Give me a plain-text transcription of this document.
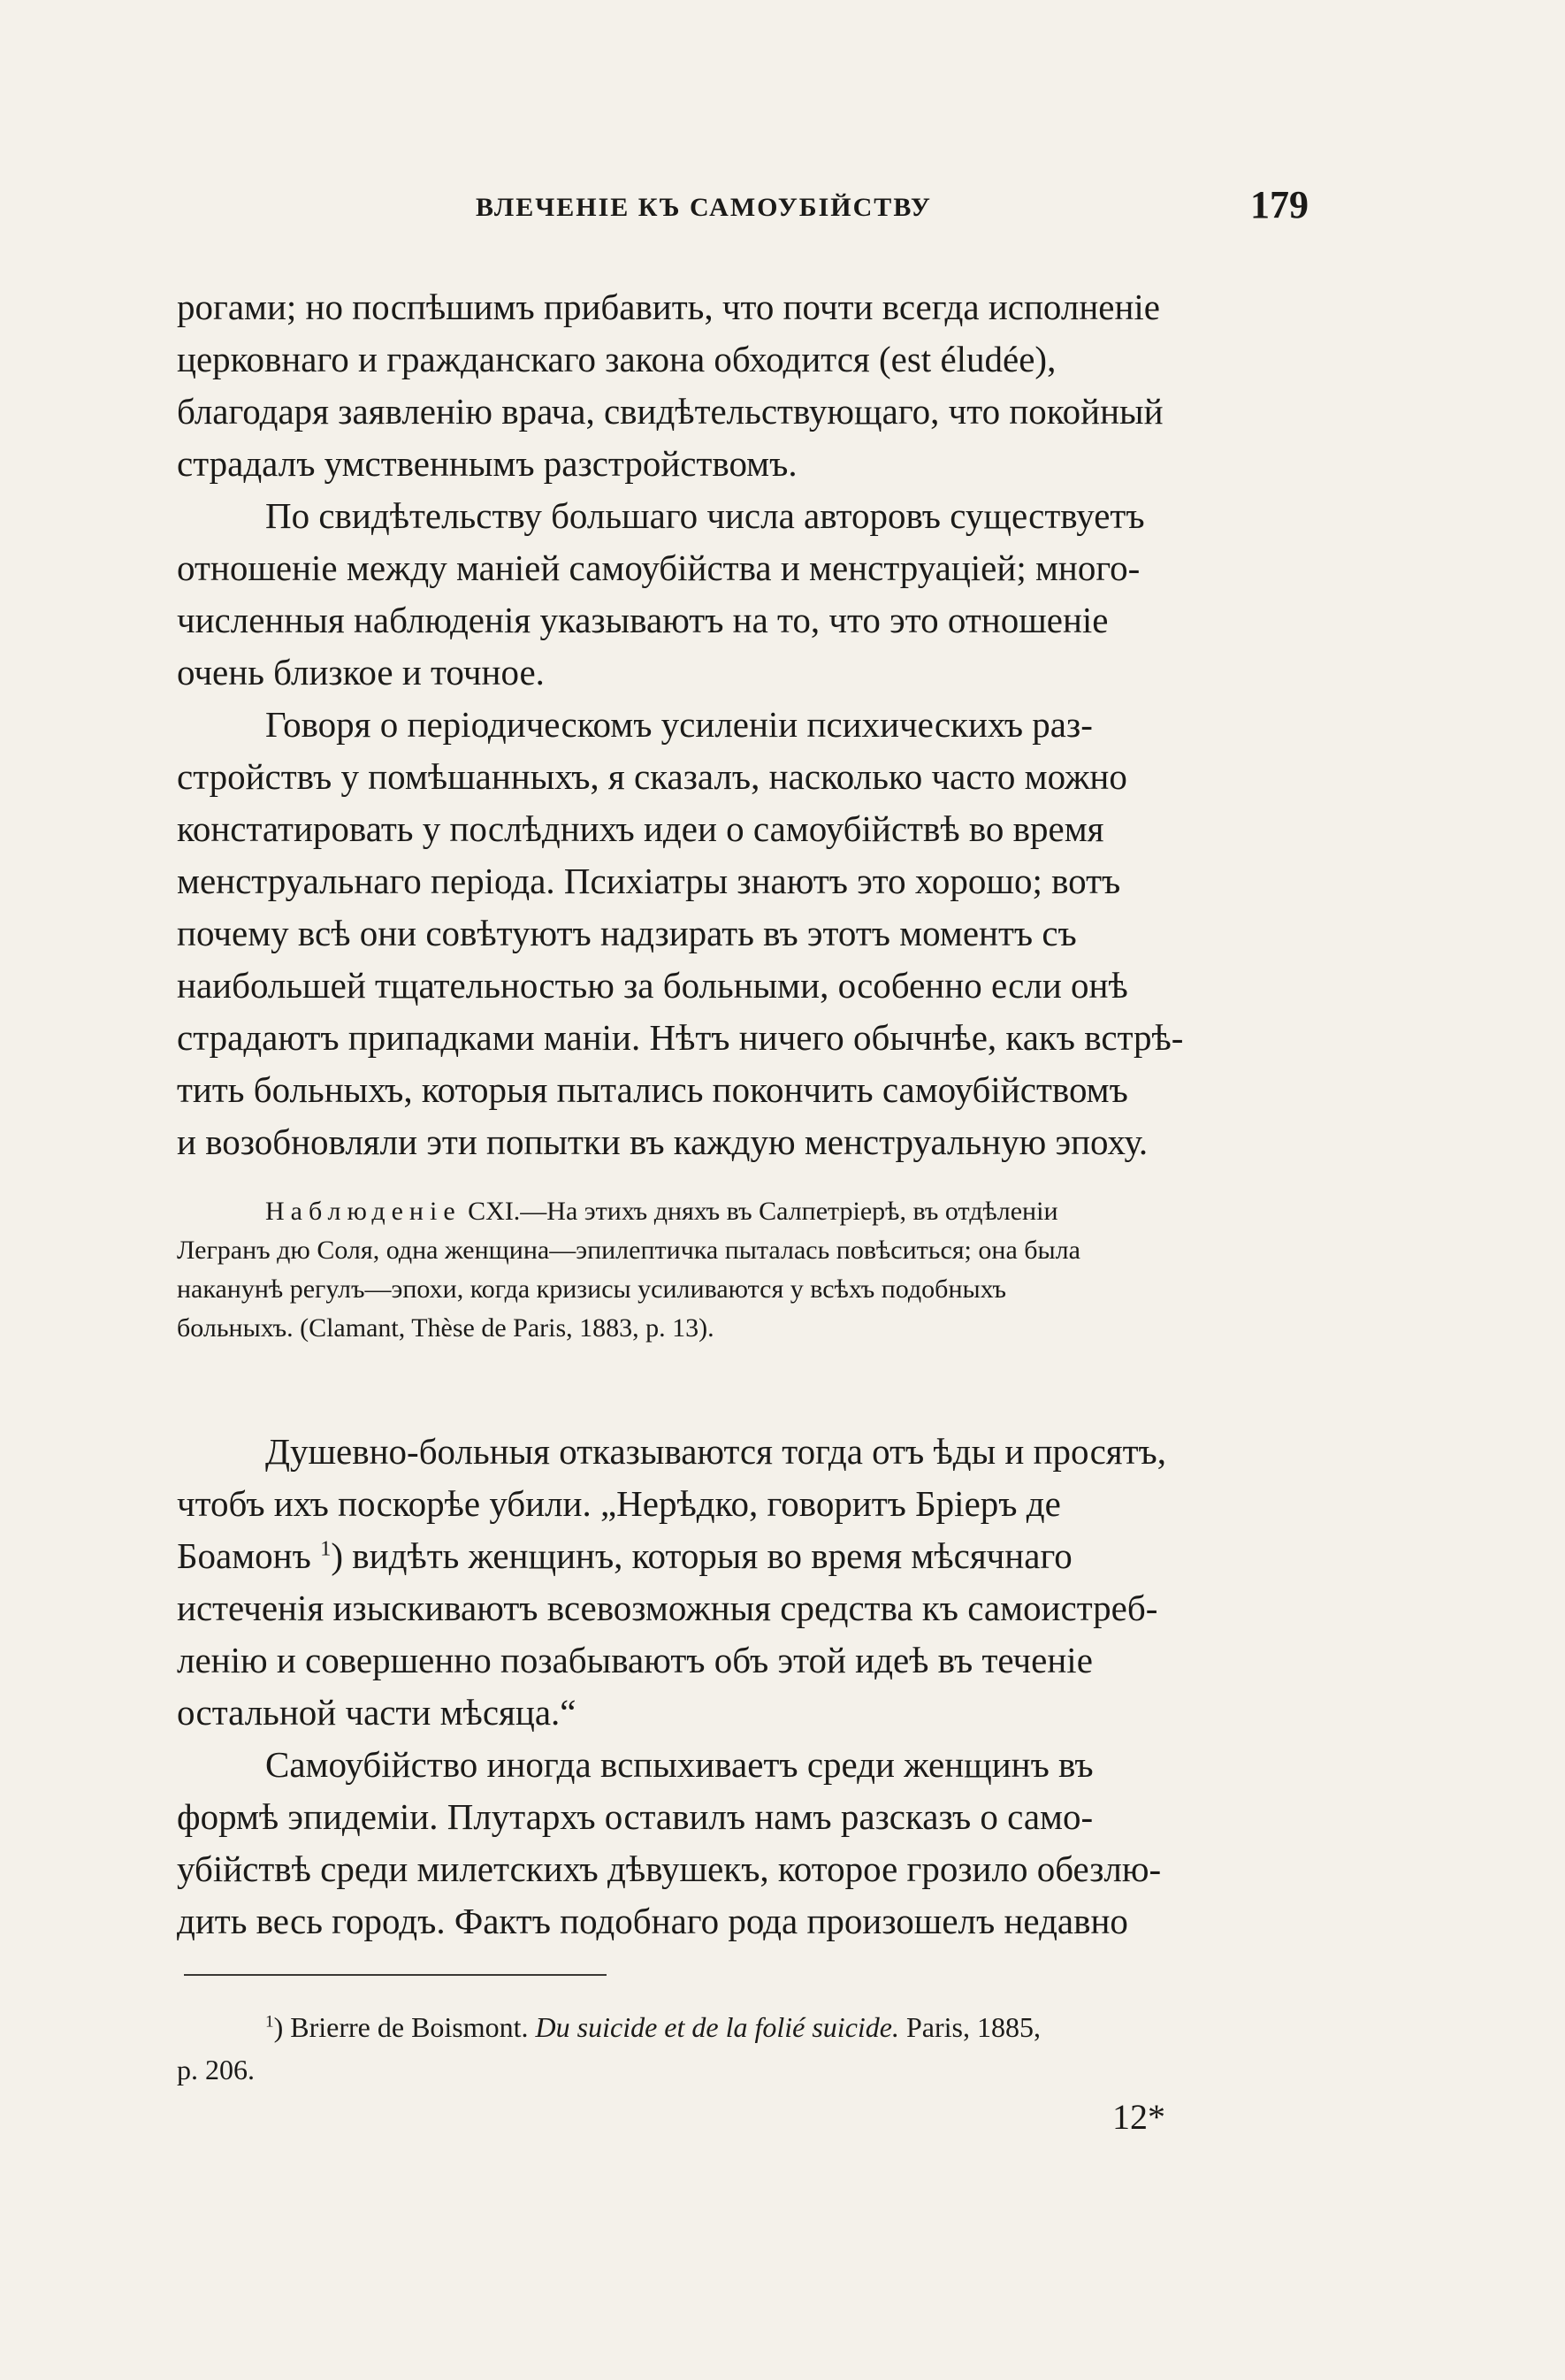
ВЛЕЧЕНІЕ КЪ САМОУБІЙСТВУ	179
рогами; но поспѣшимъ прибавить, что почти всегда исполненіе
церковнаго и гражданскаго закона обходится (est éludée),
благодаря заявленію врача, свидѣтельствующаго, что покойный
страдалъ умственнымъ разстройствомъ.
По свидѣтельству большаго числа авторовъ существуетъ
отношеніе между маніей самоубійства и менструаціей; много-
численныя наблюденія указываютъ на то, что это отношеніе
очень близкое и точное.
Говоря о періодическомъ усиленіи психическихъ раз-
стройствъ у помѣшанныхъ, я сказалъ, насколько часто можно
констатировать у послѣднихъ идеи о самоубійствѣ во время
менструальнаго періода. Психіатры знаютъ это хорошо; вотъ
почему всѣ они совѣтуютъ надзирать въ этотъ моментъ съ
наибольшей тщательностью за больными, особенно если онѣ
страдаютъ припадками маніи. Нѣтъ ничего обычнѣе, какъ встрѣ-
тить больныхъ, которыя пытались покончить самоубійствомъ
и возобновляли эти попытки въ каждую менструальную эпоху.
Наблюденіе CXI.—На этихъ дняхъ въ Салпетріерѣ, въ отдѣленіи
Легранъ дю Соля, одна женщина—эпилептичка пыталась повѣситься; она была
наканунѣ регулъ—эпохи, когда кризисы усиливаются у всѣхъ подобныхъ
больныхъ. (Clamant, Thèse de Paris, 1883, p. 13).
Душевно-больныя отказываются тогда отъ ѣды и просятъ,
чтобъ ихъ поскорѣе убили. „Нерѣдко, говоритъ Бріеръ де
Боамонъ $^1$) видѣть женщинъ, которыя во время мѣсячнаго
истеченія изыскиваютъ всевозможныя средства къ самоистреб-
ленію и совершенно позабываютъ объ этой идеѣ въ теченіе
остальной части мѣсяца.“
Самоубійство иногда вспыхиваетъ среди женщинъ въ
формѣ эпидеміи. Плутархъ оставилъ намъ разсказъ о само-
убійствѣ среди милетскихъ дѣвушекъ, которое грозило обезлю-
дить весь городъ. Фактъ подобнаго рода произошелъ недавно
$^1$) Brierre de Boismont. Du suicide et de la folié suicide. Paris, 1885,
p. 206.
12*
